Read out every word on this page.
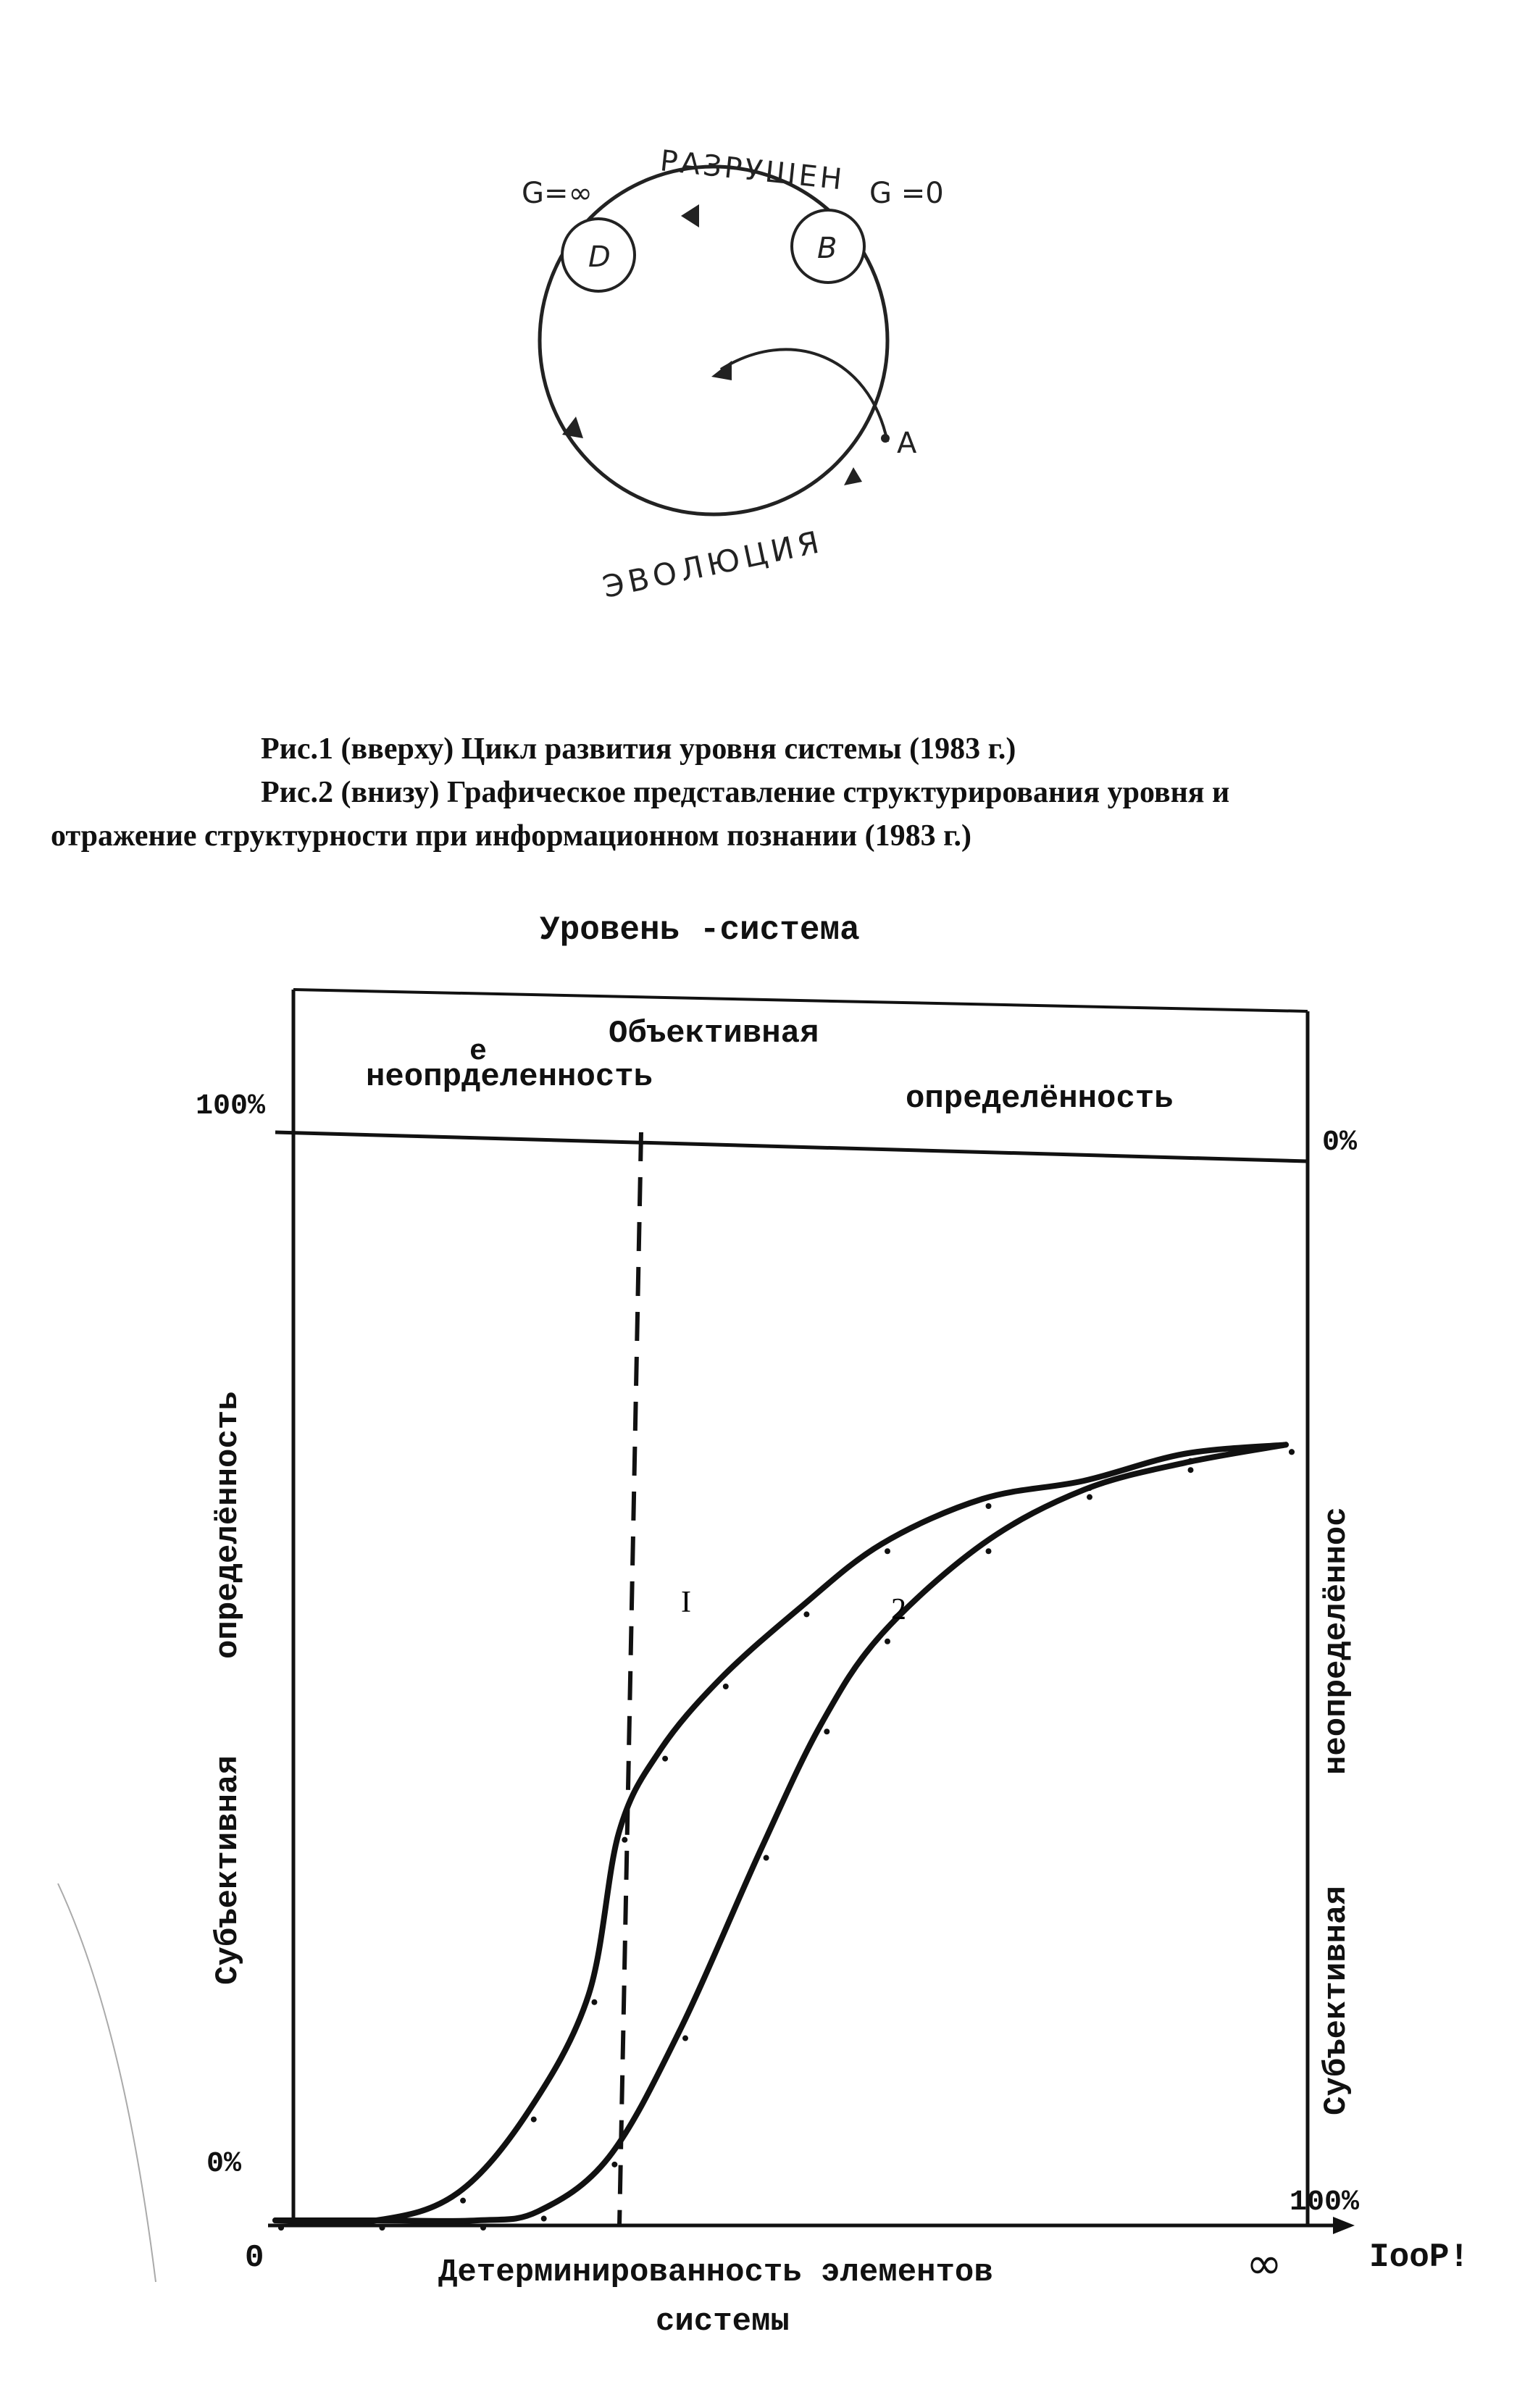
G=∞ РАЗРУШЕН G =0
D	B
A
ЭВОЛЮЦИЯ
Рис.1 (вверху) Цикл развития уровня системы (1983 г.)
Рис.2 (внизу) Графическое представление структурирования уровня и
отражение структурности при информационном познании (1983 г.)
I	2
Уровень -система
Объективная
е
неопрделенность
определённость
100%
0%
0%
100%
0	∞	IooP!
Детерминированность элементов
системы
Субъективная
определённость
Субъективная
неопределённос
